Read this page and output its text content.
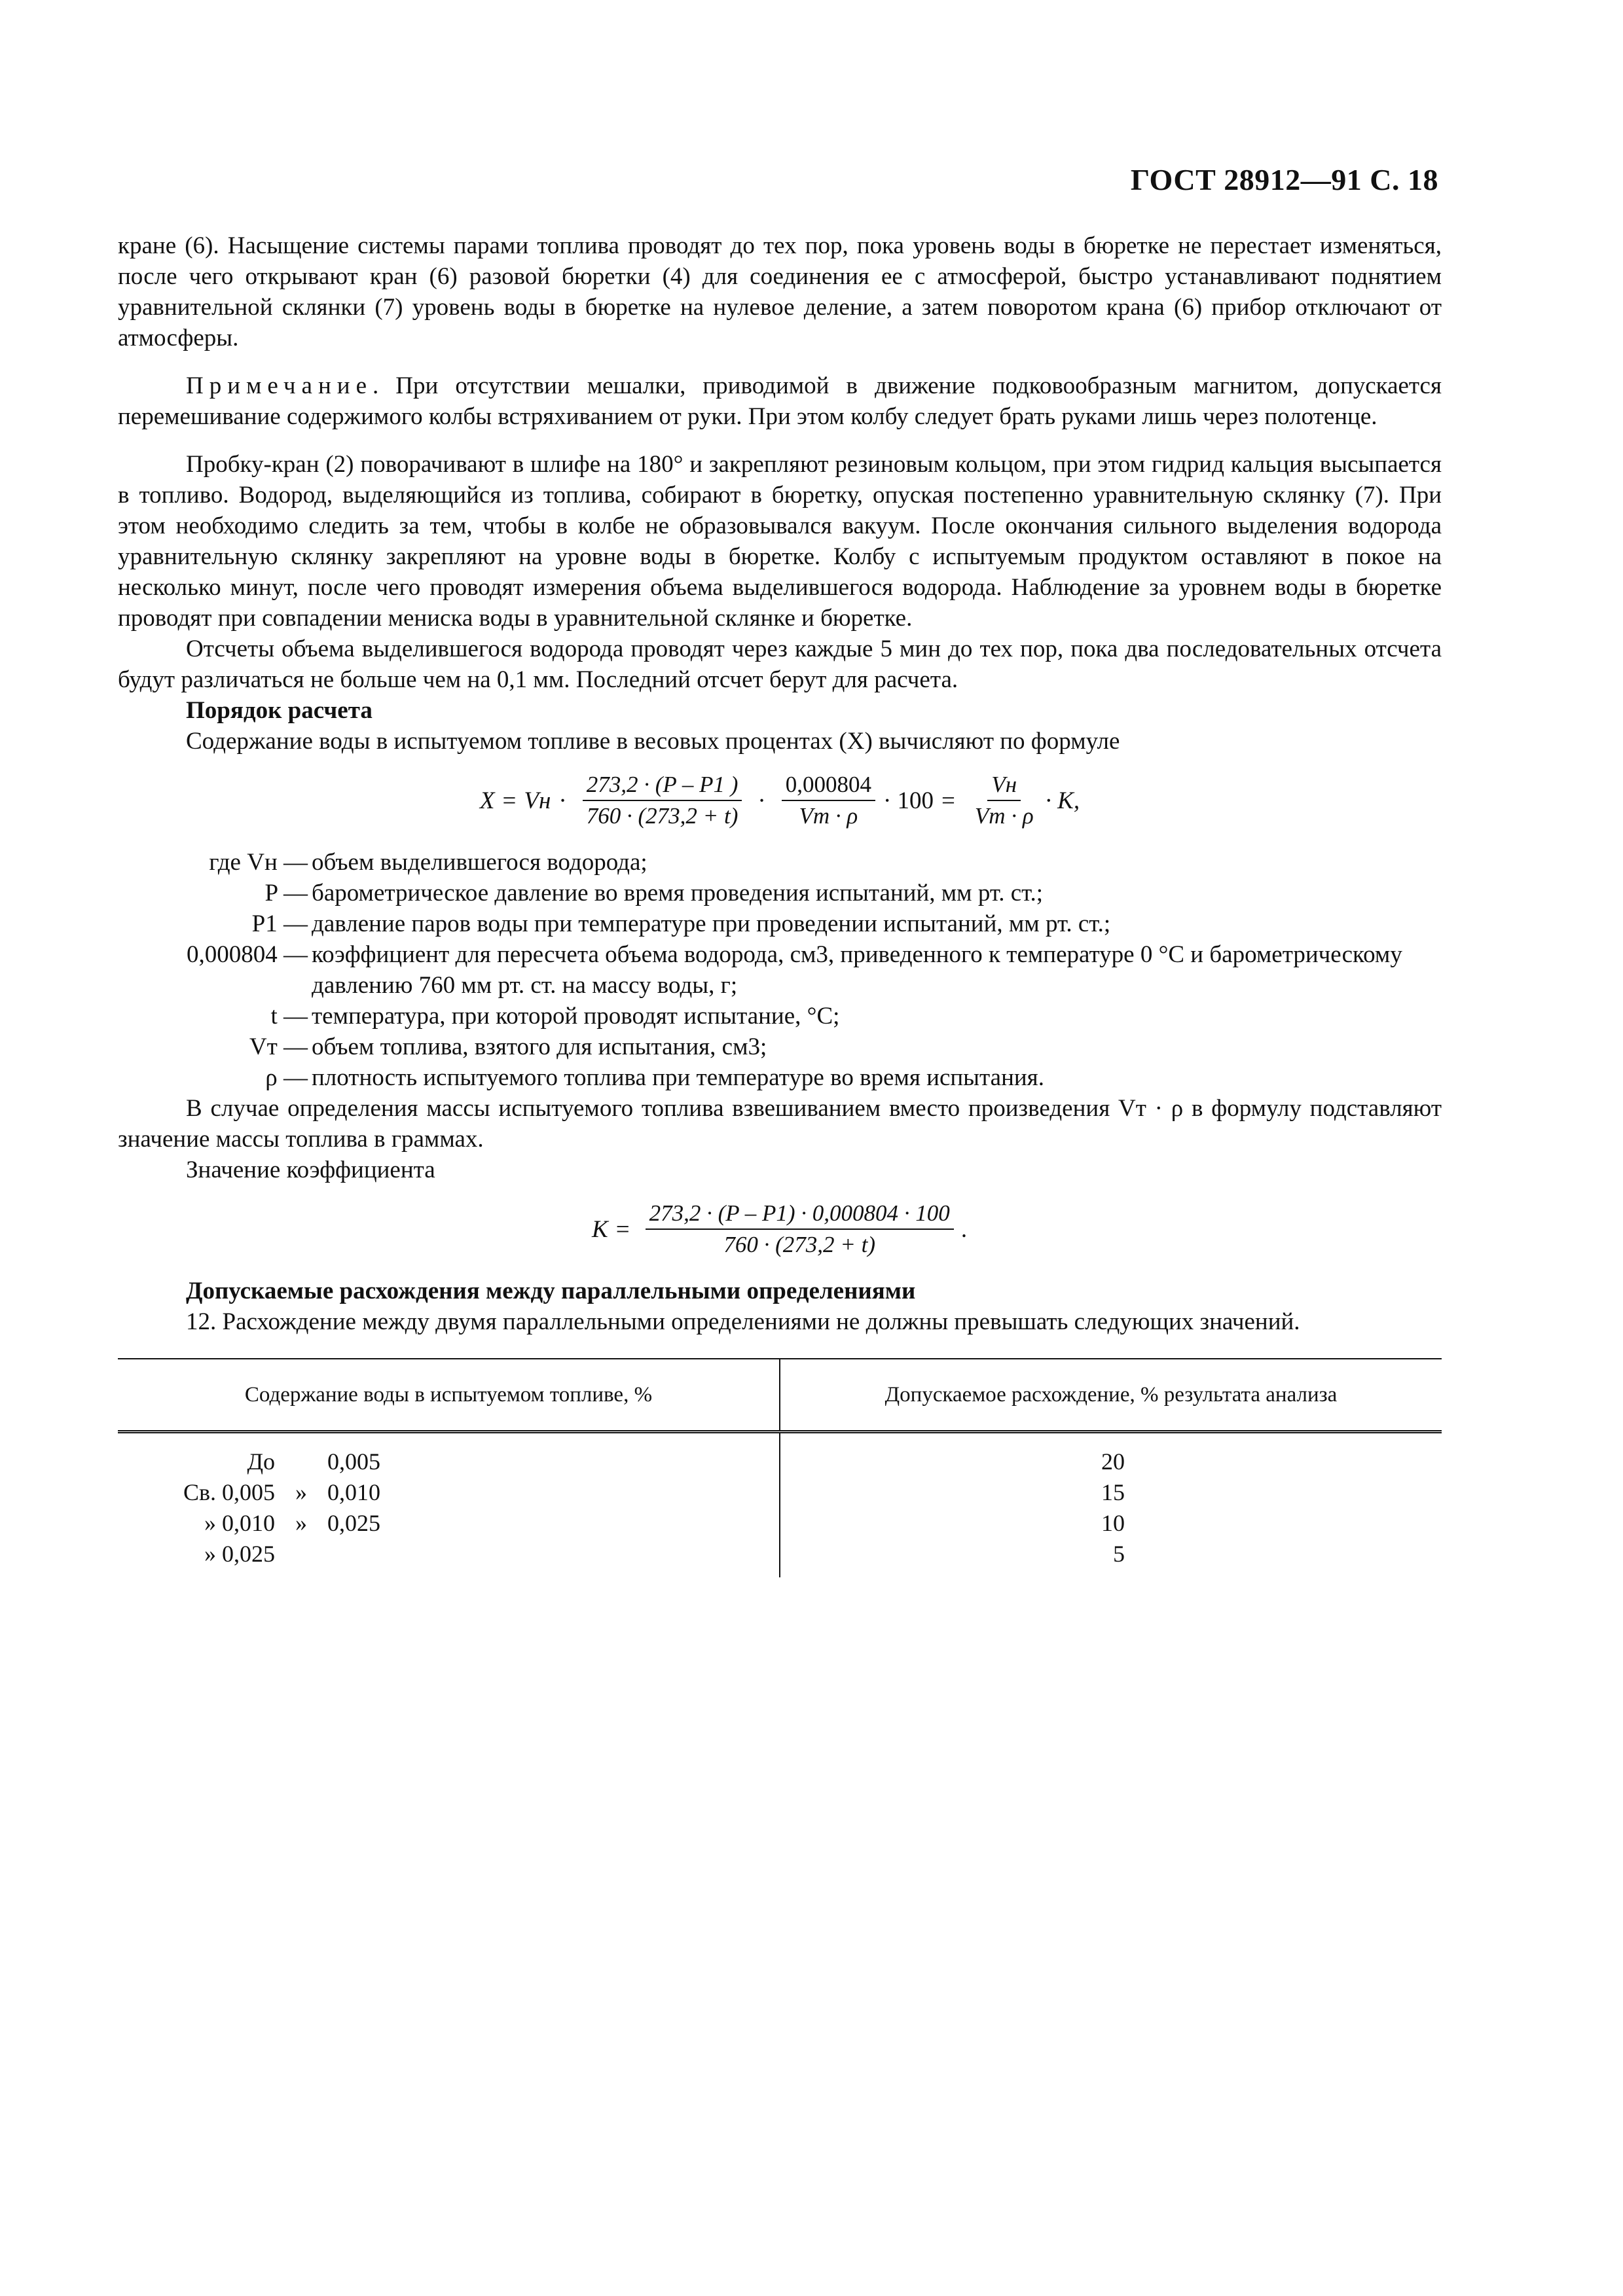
ГОСТ 28912—91 С. 18

кране (6). Насыщение системы парами топлива проводят до тех пор, пока уровень воды в бюретке не перестает изменяться, после чего открывают кран (6) разовой бюретки (4) для соединения ее с атмосферой, быстро устанавливают поднятием уравнительной склянки (7) уровень воды в бюретке на нулевое деление, а затем поворотом крана (6) прибор отключают от атмосферы.

Примечание. При отсутствии мешалки, приводимой в движение подковообразным магнитом, допускается перемешивание содержимого колбы встряхиванием от руки. При этом колбу следует брать руками лишь через полотенце.

Пробку-кран (2) поворачивают в шлифе на 180° и закрепляют резиновым кольцом, при этом гидрид кальция высыпается в топливо. Водород, выделяющийся из топлива, собирают в бюретку, опуская постепенно уравнительную склянку (7). При этом необходимо следить за тем, чтобы в колбе не образовывался вакуум. После окончания сильного выделения водорода уравнительную склянку закрепляют на уровне воды в бюретке. Колбу с испытуемым продуктом оставляют в покое на несколько минут, после чего проводят измерения объема выделившегося водорода. Наблюдение за уровнем воды в бюретке проводят при совпадении мениска воды в уравнительной склянке и бюретке.

Отсчеты объема выделившегося водорода проводят через каждые 5 мин до тех пор, пока два последовательных отсчета будут различаться не больше чем на 0,1 мм. Последний отсчет берут для расчета.

Порядок расчета

Содержание воды в испытуемом топливе в весовых процентах (X) вычисляют по формуле

X = Vн · $\frac{273,2 \cdot (P - P1 )}{760 \cdot (273,2 + t)} \cdot \frac{0,000804}{Vт \cdot \rho} \cdot 100 = \frac{Vн}{Vт \cdot \rho} \cdot K$,
где Vн — объем выделившегося водорода;
P — барометрическое давление во время проведения испытаний, мм рт. ст.;
P1 — давление паров воды при температуре при проведении испытаний, мм рт. ст.;
0,000804 — коэффициент для пересчета объема водорода, см3, приведенного к температуре 0 °С и барометрическому давлению 760 мм рт. ст. на массу воды, г;
t — температура, при которой проводят испытание, °С;
Vт — объем топлива, взятого для испытания, см3;
ρ — плотность испытуемого топлива при температуре во время испытания.

В случае определения массы испытуемого топлива взвешиванием вместо произведения Vт · ρ в формулу подставляют значение массы топлива в граммах.

Значение коэффициента

$K = \frac{273,2 \cdot (P - P1) \cdot 0,000804 \cdot 100}{760 \cdot (273,2 + t)}$ .

Допускаемые расхождения между параллельными определениями

12. Расхождение между двумя параллельными определениями не должны превышать следующих значений.

Содержание воды в испытуемом топливе, %	Допускаемое расхождение, % результата анализа
До 0,005
Св. 0,005 » 0,010
» 0,010 » 0,025
» 0,025
20
15
10
5
